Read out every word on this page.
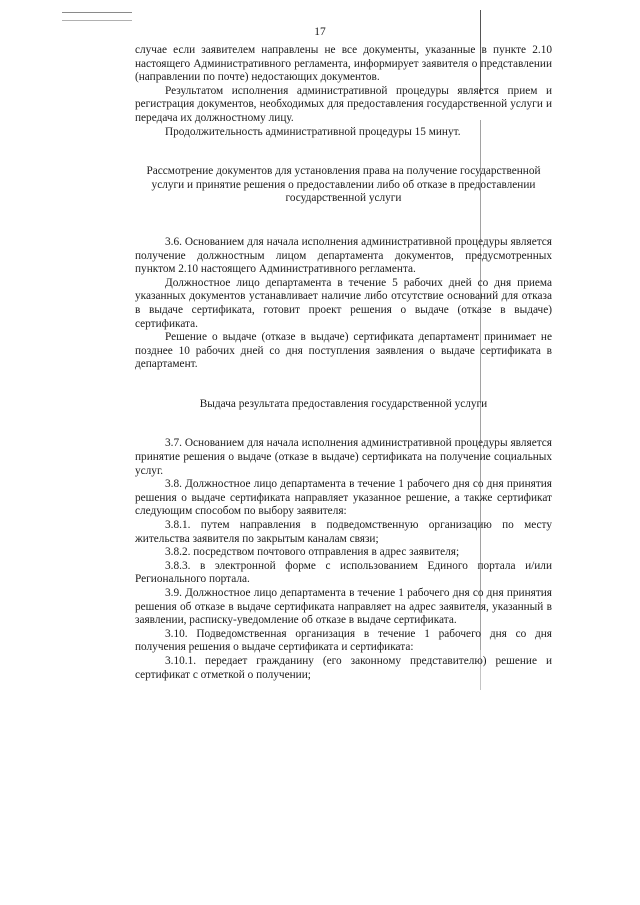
17

случае если заявителем направлены не все документы, указанные в пункте 2.10 настоящего Административного регламента, информирует заявителя о представлении (направлении по почте) недостающих документов.

Результатом исполнения административной процедуры является прием и регистрация документов, необходимых для предоставления государственной услуги и передача их должностному лицу.

Продолжительность административной процедуры 15 минут.

Рассмотрение документов для установления права на получение государственной услуги и принятие решения о предоставлении либо об отказе в предоставлении государственной услуги

3.6. Основанием для начала исполнения административной процедуры является получение должностным лицом департамента документов, предусмотренных пунктом 2.10 настоящего Административного регламента.

Должностное лицо департамента в течение 5 рабочих дней со дня приема указанных документов устанавливает наличие либо отсутствие оснований для отказа в выдаче сертификата, готовит проект решения о выдаче (отказе в выдаче) сертификата.

Решение о выдаче (отказе в выдаче) сертификата департамент принимает не позднее 10 рабочих дней со дня поступления заявления о выдаче сертификата в департамент.

Выдача результата предоставления государственной услуги

3.7. Основанием для начала исполнения административной процедуры является принятие решения о выдаче (отказе в выдаче) сертификата на получение социальных услуг.

3.8. Должностное лицо департамента в течение 1 рабочего дня со дня принятия решения о выдаче сертификата направляет указанное решение, а также сертификат следующим способом по выбору заявителя:

3.8.1. путем направления в подведомственную организацию по месту жительства заявителя по закрытым каналам связи;

3.8.2. посредством почтового отправления в адрес заявителя;

3.8.3. в электронной форме с использованием Единого портала и/или Регионального портала.

3.9. Должностное лицо департамента в течение 1 рабочего дня со дня принятия решения об отказе в выдаче сертификата направляет на адрес заявителя, указанный в заявлении, расписку-уведомление об отказе в выдаче сертификата.

3.10. Подведомственная организация в течение 1 рабочего дня со дня получения решения о выдаче сертификата и сертификата:

3.10.1. передает гражданину (его законному представителю) решение и сертификат с отметкой о получении;
